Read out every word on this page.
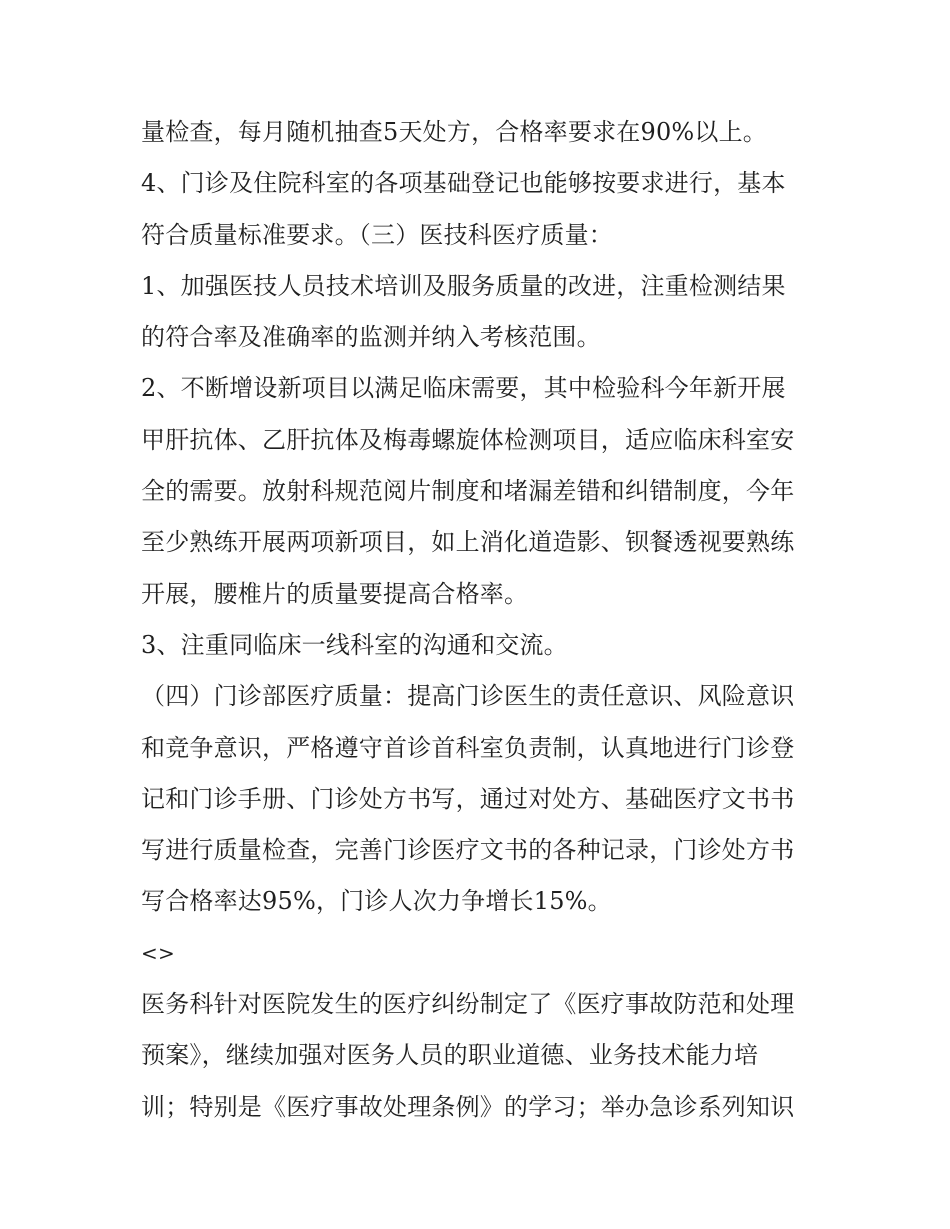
量检查，每月随机抽查5天处方，合格率要求在90%以上。
4、门诊及住院科室的各项基础登记也能够按要求进行，基本
符合质量标准要求。（三）医技科医疗质量：
1、加强医技人员技术培训及服务质量的改进，注重检测结果
的符合率及准确率的监测并纳入考核范围。
2、不断增设新项目以满足临床需要，其中检验科今年新开展
甲肝抗体、乙肝抗体及梅毒螺旋体检测项目，适应临床科室安
全的需要。放射科规范阅片制度和堵漏差错和纠错制度，今年
至少熟练开展两项新项目，如上消化道造影、钡餐透视要熟练
开展，腰椎片的质量要提高合格率。
3、注重同临床一线科室的沟通和交流。
（四）门诊部医疗质量：提高门诊医生的责任意识、风险意识
和竞争意识，严格遵守首诊首科室负责制，认真地进行门诊登
记和门诊手册、门诊处方书写，通过对处方、基础医疗文书书
写进行质量检查，完善门诊医疗文书的各种记录，门诊处方书
写合格率达95%，门诊人次力争增长15%。
<>
医务科针对医院发生的医疗纠纷制定了《医疗事故防范和处理
预案》，继续加强对医务人员的职业道德、业务技术能力培
训；特别是《医疗事故处理条例》的学习；举办急诊系列知识
